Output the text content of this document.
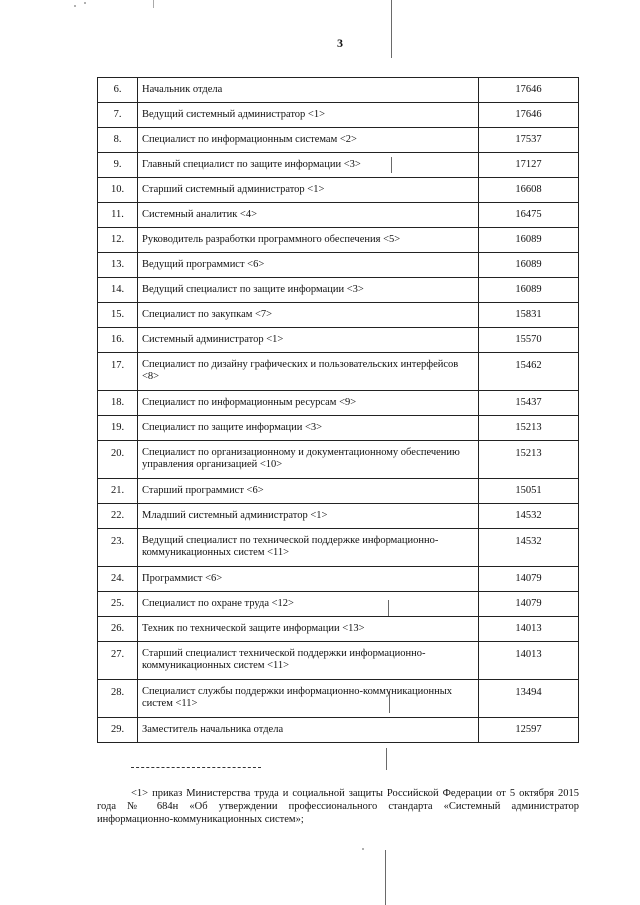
3
6.	Начальник отдела	17646
7.	Ведущий системный администратор <1>	17646
8.	Специалист по информационным системам <2>	17537
9.	Главный специалист по защите информации <3>	17127
10.	Старший системный администратор <1>	16608
11.	Системный аналитик <4>	16475
12.	Руководитель разработки программного обеспечения <5>	16089
13.	Ведущий программист <6>	16089
14.	Ведущий специалист по защите информации <3>	16089
15.	Специалист по закупкам <7>	15831
16.	Системный администратор <1>	15570
17.	Специалист по дизайну графических и пользовательских интерфейсов <8>	15462
18.	Специалист по информационным ресурсам <9>	15437
19.	Специалист по защите информации <3>	15213
20.	Специалист по организационному и документационному обеспечению управления организацией <10>	15213
21.	Старший программист <6>	15051
22.	Младший системный администратор <1>	14532
23.	Ведущий специалист по технической поддержке информационно-коммуникационных систем <11>	14532
24.	Программист <6>	14079
25.	Специалист по охране труда <12>	14079
26.	Техник по технической защите информации <13>	14013
27.	Старший специалист технической поддержки информационно-коммуникационных систем <11>	14013
28.	Специалист службы поддержки информационно-коммуникационных систем <11>	13494
29.	Заместитель начальника отдела	12597
<1> приказ Министерства труда и социальной защиты Российской Федерации от 5 октября 2015 года № 684н «Об утверждении профессионального стандарта «Системный администратор информационно-коммуникационных систем»;
